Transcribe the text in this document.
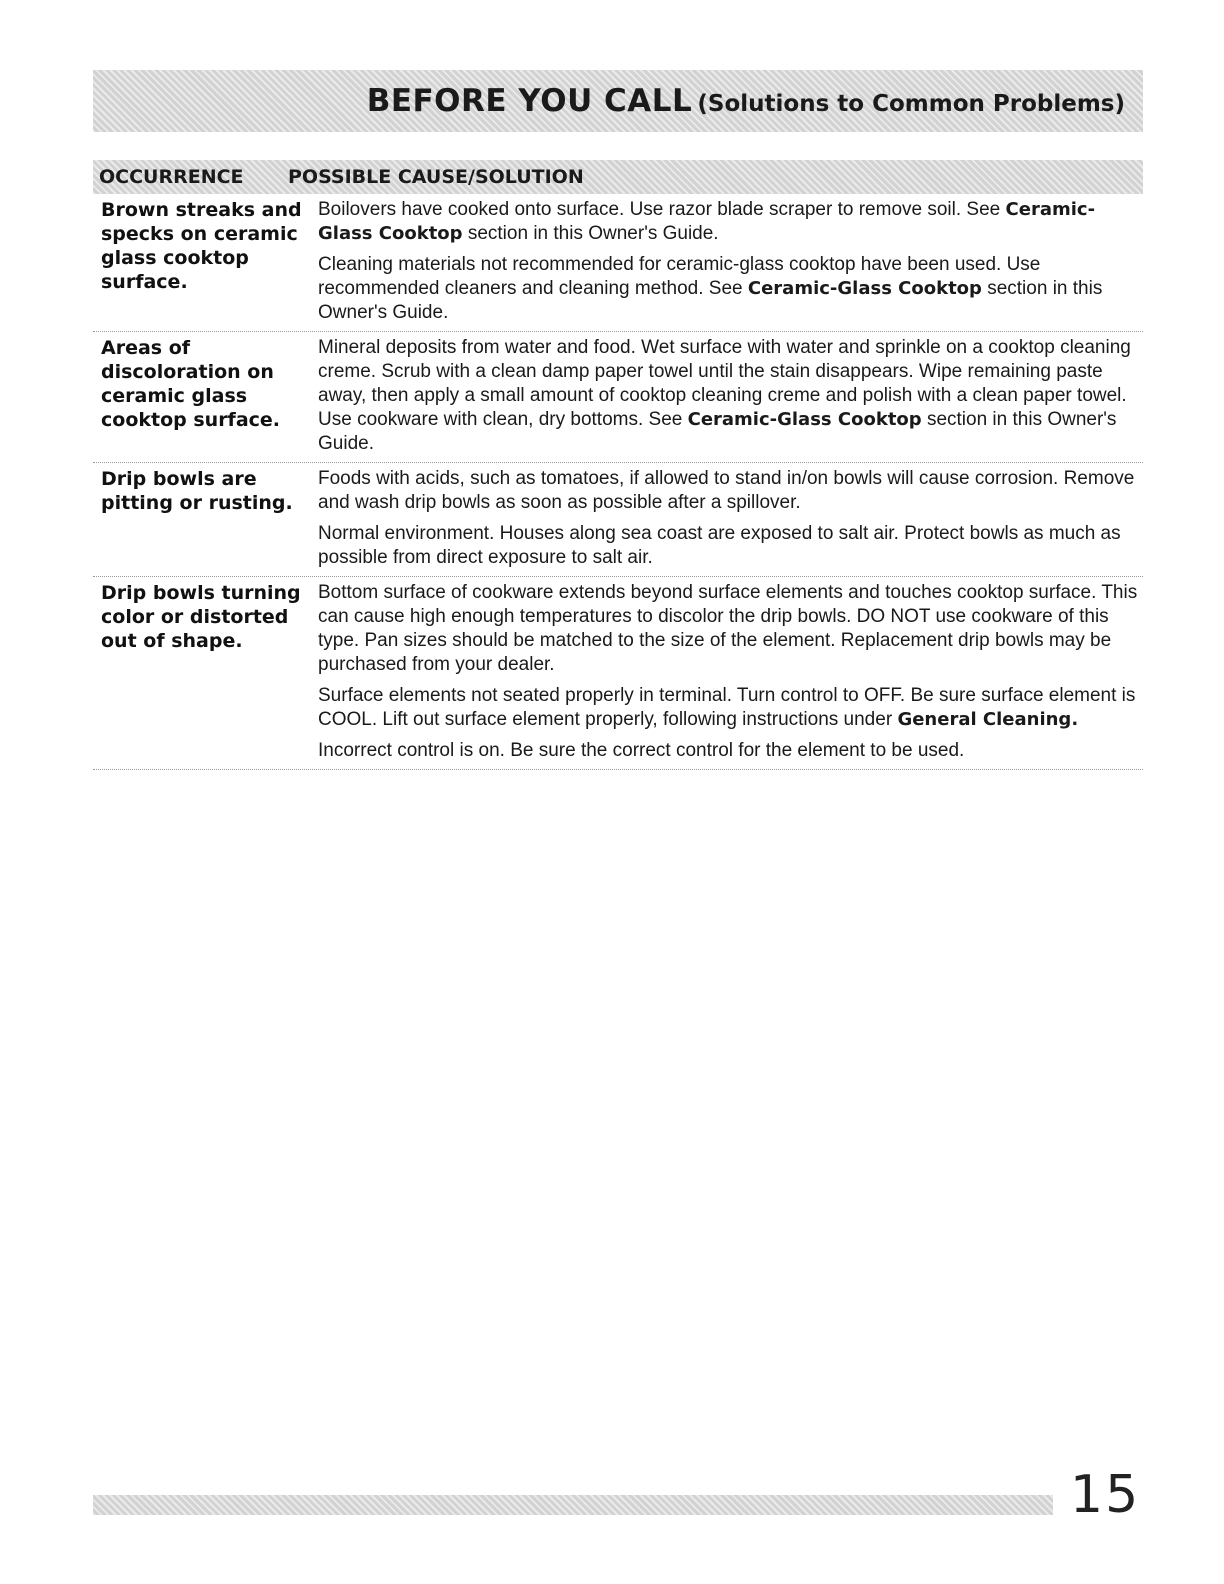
BEFORE YOU CALL (Solutions to Common Problems)
OCCURRENCE POSSIBLE CAUSE/SOLUTION
Brown streaks and specks on ceramic glass cooktop surface.

Boilovers have cooked onto surface. Use razor blade scraper to remove soil. See Ceramic-Glass Cooktop section in this Owner's Guide.

Cleaning materials not recommended for ceramic-glass cooktop have been used. Use recommended cleaners and cleaning method. See Ceramic-Glass Cooktop section in this Owner's Guide.

Areas of discoloration on ceramic glass cooktop surface.

Mineral deposits from water and food. Wet surface with water and sprinkle on a cooktop cleaning creme. Scrub with a clean damp paper towel until the stain disappears. Wipe remaining paste away, then apply a small amount of cooktop cleaning creme and polish with a clean paper towel. Use cookware with clean, dry bottoms. See Ceramic-Glass Cooktop section in this Owner's Guide.

Drip bowls are pitting or rusting.

Foods with acids, such as tomatoes, if allowed to stand in/on bowls will cause corrosion. Remove and wash drip bowls as soon as possible after a spillover.

Normal environment. Houses along sea coast are exposed to salt air. Protect bowls as much as possible from direct exposure to salt air.

Drip bowls turning color or distorted out of shape.

Bottom surface of cookware extends beyond surface elements and touches cooktop surface. This can cause high enough temperatures to discolor the drip bowls. DO NOT use cookware of this type. Pan sizes should be matched to the size of the element. Replacement drip bowls may be purchased from your dealer.

Surface elements not seated properly in terminal. Turn control to OFF. Be sure surface element is COOL. Lift out surface element properly, following instructions under General Cleaning.

Incorrect control is on. Be sure the correct control for the element to be used.

15
